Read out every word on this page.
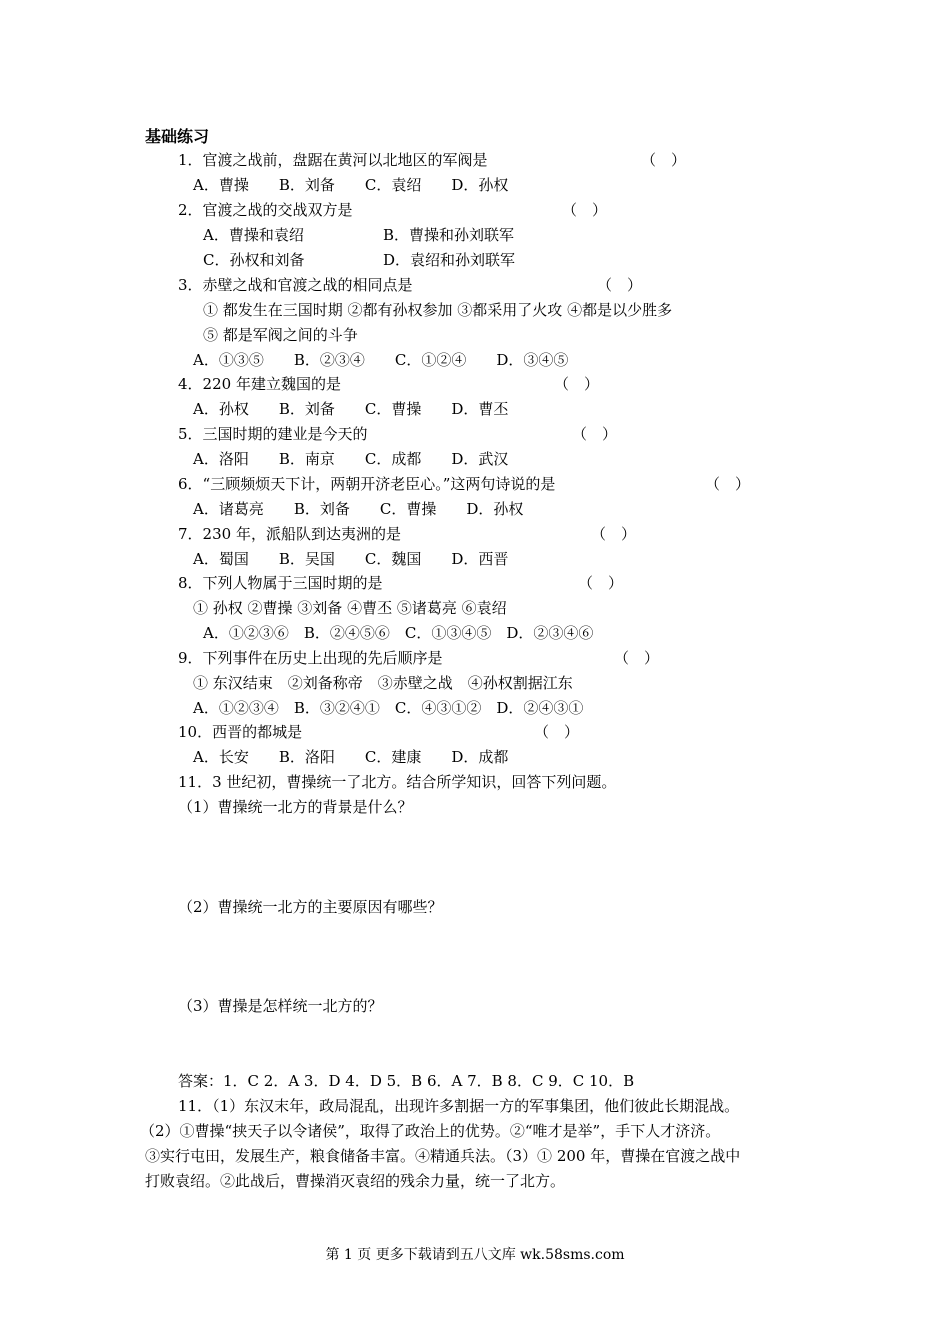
基础练习
1．官渡之战前，盘踞在黄河以北地区的军阀是	（　）
A．曹操　　B．刘备　　C．袁绍　　D．孙权
2．官渡之战的交战双方是	（　）
A．曹操和袁绍	B．曹操和孙刘联军
C．孙权和刘备	D．袁绍和孙刘联军
3．赤壁之战和官渡之战的相同点是	（　）
① 都发生在三国时期 ②都有孙权参加 ③都采用了火攻 ④都是以少胜多
⑤ 都是军阀之间的斗争
A．①③⑤　　B．②③④　　C．①②④　　D．③④⑤
4．220 年建立魏国的是	（　）
A．孙权　　B．刘备　　C．曹操　　D．曹丕
5．三国时期的建业是今天的	（　）
A．洛阳　　B．南京　　C．成都　　D．武汉
6．“三顾频烦天下计，两朝开济老臣心。”这两句诗说的是	（　）
A．诸葛亮　　B．刘备　　C．曹操　　D．孙权
7．230 年，派船队到达夷洲的是	（　）
A．蜀国　　B．吴国　　C．魏国　　D．西晋
8．下列人物属于三国时期的是	（　）
① 孙权 ②曹操 ③刘备 ④曹丕 ⑤诸葛亮 ⑥袁绍
A．①②③⑥　B．②④⑤⑥　C．①③④⑤　D．②③④⑥
9．下列事件在历史上出现的先后顺序是	（　）
① 东汉结束　②刘备称帝　③赤壁之战　④孙权割据江东
A．①②③④　B．③②④①　C．④③①②　D．②④③①
10．西晋的都城是	（　）
A．长安　　B．洛阳　　C．建康　　D．成都
11．3 世纪初，曹操统一了北方。结合所学知识，回答下列问题。
（1）曹操统一北方的背景是什么？
（2）曹操统一北方的主要原因有哪些？
（3）曹操是怎样统一北方的？
答案：1．C 2．A 3．D 4．D 5．B 6．A 7．B 8．C 9．C 10．B
11．（1）东汉末年，政局混乱，出现许多割据一方的军事集团，他们彼此长期混战。
（2）①曹操“挟天子以令诸侯”，取得了政治上的优势。②“唯才是举”，手下人才济济。
③实行屯田，发展生产，粮食储备丰富。④精通兵法。（3）① 200 年，曹操在官渡之战中
打败袁绍。②此战后，曹操消灭袁绍的残余力量，统一了北方。
第 1 页 更多下载请到五八文库 wk.58sms.com
